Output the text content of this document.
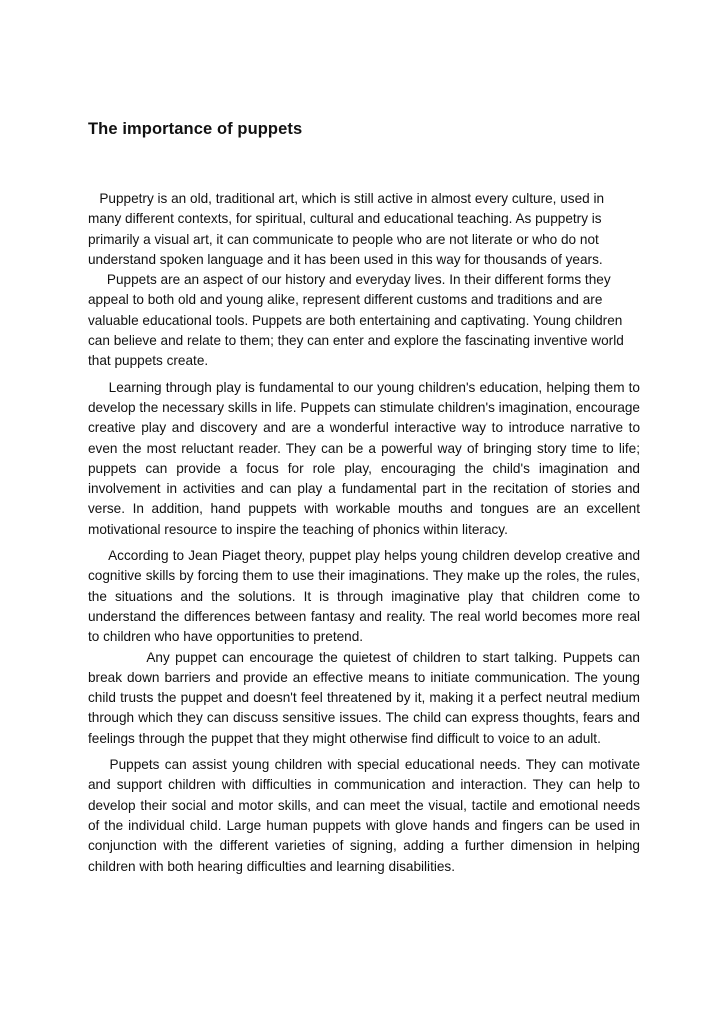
The importance of puppets

Puppetry is an old, traditional art, which is still active in almost every culture, used in many different contexts, for spiritual, cultural and educational teaching. As puppetry is primarily a visual art, it can communicate to people who are not literate or who do not understand spoken language and it has been used in this way for thousands of years.

Puppets are an aspect of our history and everyday lives. In their different forms they appeal to both old and young alike, represent different customs and traditions and are valuable educational tools. Puppets are both entertaining and captivating. Young children can believe and relate to them; they can enter and explore the fascinating inventive world that puppets create.

Learning through play is fundamental to our young children's education, helping them to develop the necessary skills in life. Puppets can stimulate children's imagination, encourage creative play and discovery and are a wonderful interactive way to introduce narrative to even the most reluctant reader. They can be a powerful way of bringing story time to life; puppets can provide a focus for role play, encouraging the child's imagination and involvement in activities and can play a fundamental part in the recitation of stories and verse. In addition, hand puppets with workable mouths and tongues are an excellent motivational resource to inspire the teaching of phonics within literacy.

According to Jean Piaget theory, puppet play helps young children develop creative and cognitive skills by forcing them to use their imaginations. They make up the roles, the rules, the situations and the solutions. It is through imaginative play that children come to understand the differences between fantasy and reality. The real world becomes more real to children who have opportunities to pretend.

Any puppet can encourage the quietest of children to start talking. Puppets can break down barriers and provide an effective means to initiate communication. The young child trusts the puppet and doesn't feel threatened by it, making it a perfect neutral medium through which they can discuss sensitive issues. The child can express thoughts, fears and feelings through the puppet that they might otherwise find difficult to voice to an adult.

Puppets can assist young children with special educational needs. They can motivate and support children with difficulties in communication and interaction. They can help to develop their social and motor skills, and can meet the visual, tactile and emotional needs of the individual child. Large human puppets with glove hands and fingers can be used in conjunction with the different varieties of signing, adding a further dimension in helping children with both hearing difficulties and learning disabilities.
